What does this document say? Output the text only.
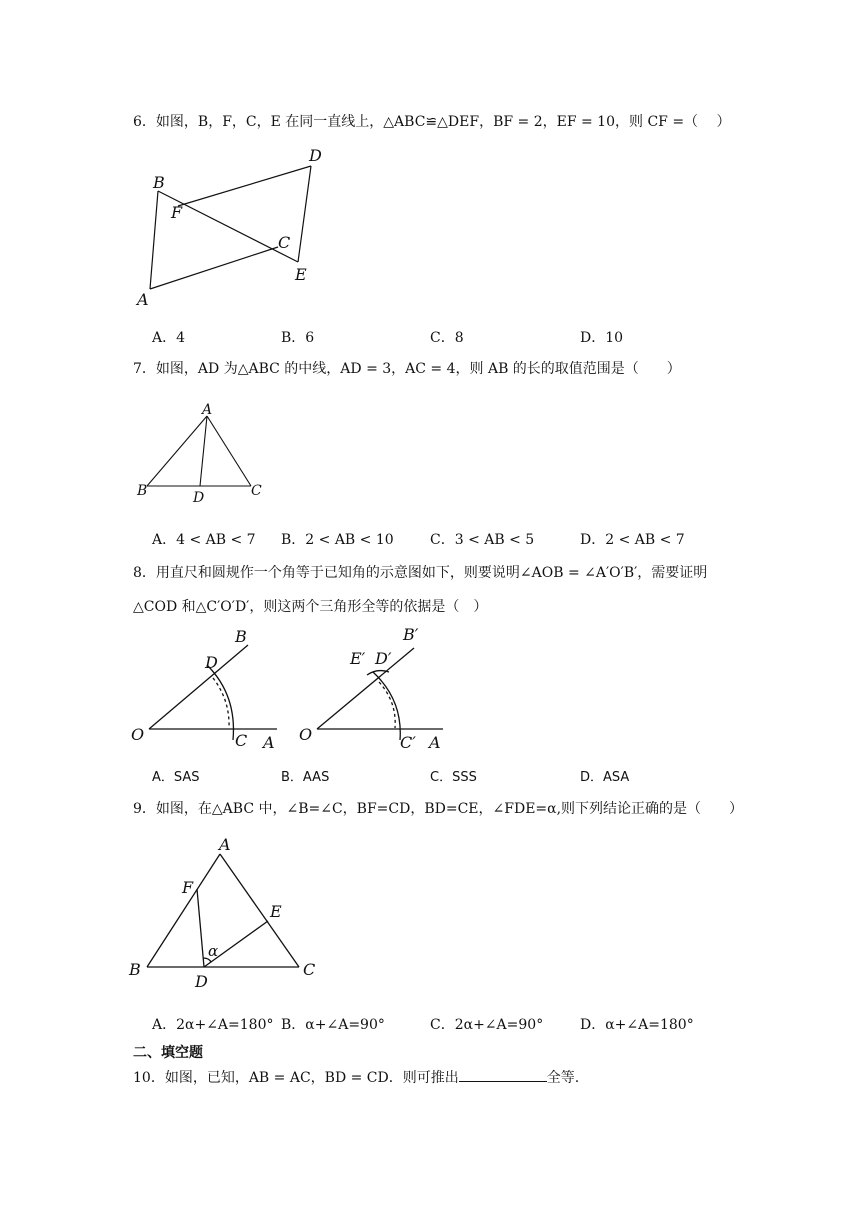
6．如图，B，F，C，E 在同一直线上，△ABC≌△DEF，BF = 2，EF = 10，则 CF =（　 ）
B
F
C
E
D
A
A．4	B．6	C．8	D．10
7．如图，AD 为△ABC 的中线，AD = 3，AC = 4，则 AB 的长的取值范围是（　　）
A
B	C
D
A．4 < AB < 7 B．2 < AB < 10	C．3 < AB < 5	D．2 < AB < 7
8．用直尺和圆规作一个角等于已知角的示意图如下，则要说明∠AOB = ∠A′O′B′，需要证明
△COD 和△C′O′D′，则这两个三角形全等的依据是（　）
O
B
D
C A O
B′
E′ D′
C′ A
A．SAS	B．AAS	C．SSS	D．ASA
9．如图，在△ABC 中，∠B=∠C，BF=CD，BD=CE，∠FDE=α,则下列结论正确的是（　　）
A
B	C
D
E
F
α
A．2α+∠A=180° B．α+∠A=90°	C．2α+∠A=90°	D．α+∠A=180°
二、填空题
10．如图，已知，AB = AC，BD = CD．则可推出	全等.
